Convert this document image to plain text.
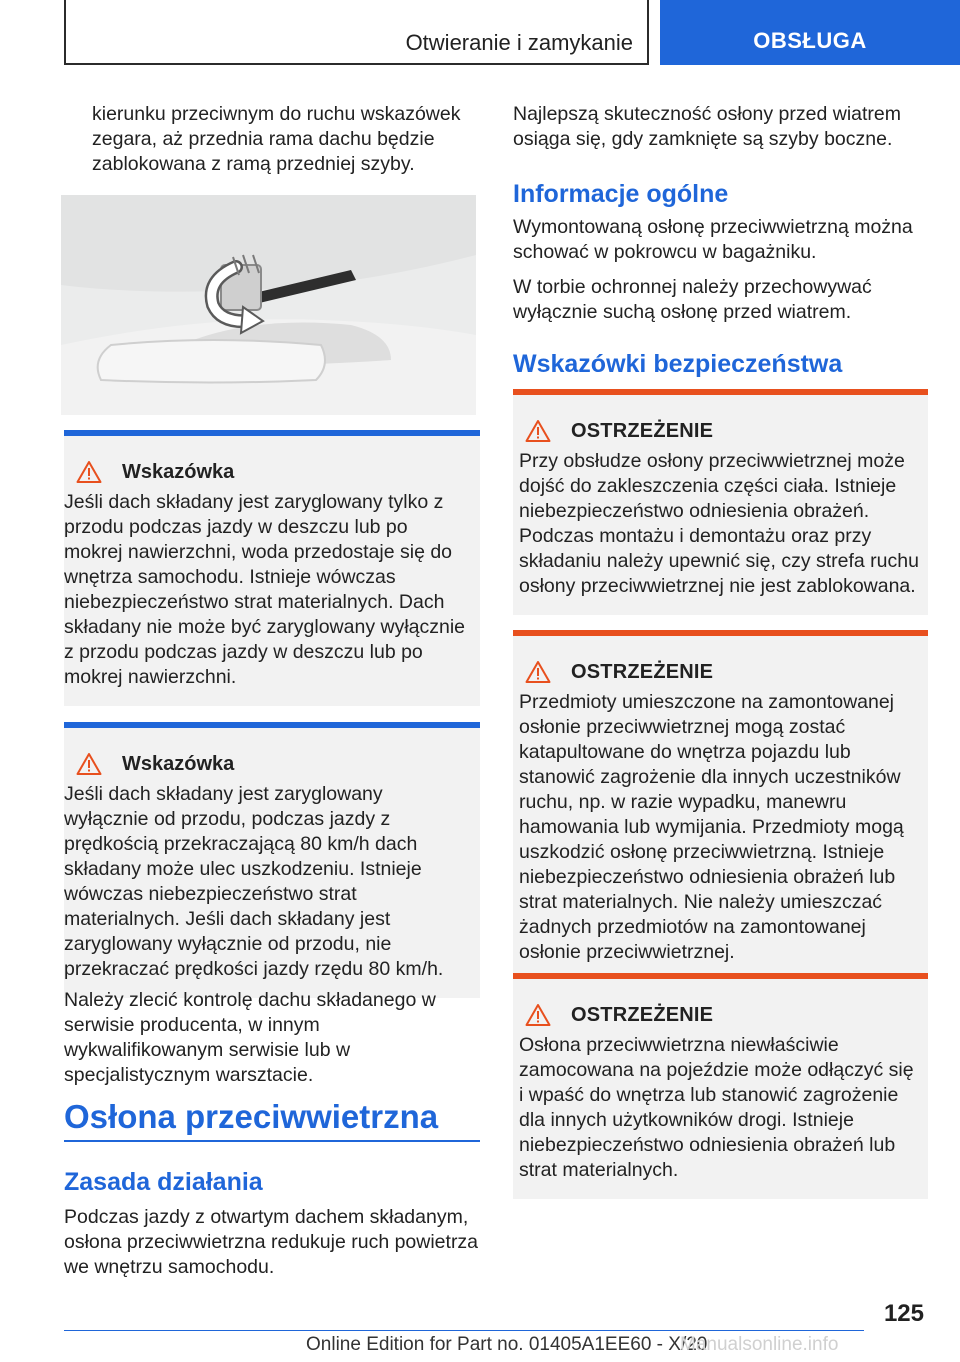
Otwieranie i zamykanie	OBSŁUGA
kierunku przeciwnym do ruchu wskazówek zegara, aż przednia rama dachu będzie zablokowana z ramą przedniej szyby.
Wskazówka
Jeśli dach składany jest zaryglowany tylko z przodu podczas jazdy w deszczu lub po mokrej nawierzchni, woda przedostaje się do wnętrza samochodu. Istnieje wówczas niebezpieczeństwo strat materialnych. Dach składany nie może być zaryglowany wyłącznie z przodu podczas jazdy w deszczu lub po mokrej nawierzchni.
Wskazówka
Jeśli dach składany jest zaryglowany wyłącznie od przodu, podczas jazdy z prędkością przekraczającą 80 km/h dach składany może ulec uszkodzeniu. Istnieje wówczas niebezpieczeństwo strat materialnych. Jeśli dach składany jest zaryglowany wyłącznie od przodu, nie przekraczać prędkości jazdy rzędu 80 km/h.
Należy zlecić kontrolę dachu składanego w serwisie producenta, w innym wykwalifikowanym serwisie lub w specjalistycznym warsztacie.
Osłona przeciwwietrzna
Zasada działania
Podczas jazdy z otwartym dachem składanym, osłona przeciwwietrzna redukuje ruch powietrza we wnętrzu samochodu.
Najlepszą skuteczność osłony przed wiatrem osiąga się, gdy zamknięte są szyby boczne.
Informacje ogólne
Wymontowaną osłonę przeciwwietrzną można schować w pokrowcu w bagażniku.
W torbie ochronnej należy przechowywać wyłącznie suchą osłonę przed wiatrem.
Wskazówki bezpieczeństwa
OSTRZEŻENIE
Przy obsłudze osłony przeciwwietrznej może dojść do zakleszczenia części ciała. Istnieje niebezpieczeństwo odniesienia obrażeń. Podczas montażu i demontażu oraz przy składaniu należy upewnić się, czy strefa ruchu osłony przeciwwietrznej nie jest zablokowana.
OSTRZEŻENIE
Przedmioty umieszczone na zamontowanej osłonie przeciwwietrznej mogą zostać katapultowane do wnętrza pojazdu lub stanowić zagrożenie dla innych uczestników ruchu, np. w razie wypadku, manewru hamowania lub wymijania. Przedmioty mogą uszkodzić osłonę przeciwwietrzną. Istnieje niebezpieczeństwo odniesienia obrażeń lub strat materialnych. Nie należy umieszczać żadnych przedmiotów na zamontowanej osłonie przeciwwietrznej.
OSTRZEŻENIE
Osłona przeciwwietrzna niewłaściwie zamocowana na pojeździe może odłączyć się i wpaść do wnętrza lub stanowić zagrożenie dla innych użytkowników drogi. Istnieje niebezpieczeństwo odniesienia obrażeń lub strat materialnych.
125
Online Edition for Part no. 01405A1EE60 - X/20
Manualsonline.info
